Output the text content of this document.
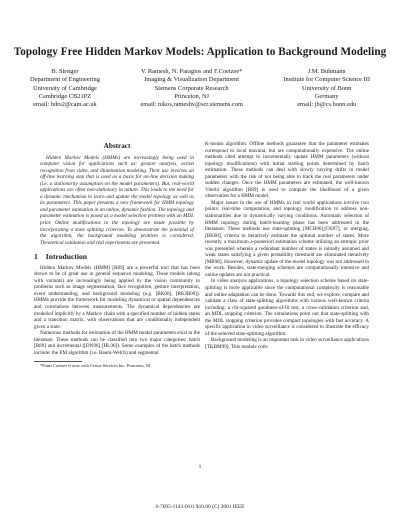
Topology Free Hidden Markov Models: Application to Background Modeling
B. Stenger
Department of Engineering
University of Cambridge
Cambridge CB21PZ
email: bdrs2@cam.ac.uk
V. Ramesh, N. Paragios and F.Coetzee*
Imaging & Visualization Department
Siemens Corporate Research
Princeton, NJ
email: nikos,rameshv@scr.siemens.com
J.M. Buhmann
Institute for Computer Science III
University of Bonn
Germany
email: jb@cs.bonn.edu
Abstract

Hidden Markov Models (HMMs) are increasingly being used in computer vision for applications such as: gesture analysis, action recognition from video, and illumination modeling. Their use involves an off-line learning step that is used as a basis for on-line decision making (i.e. a stationarity assumption on the model parameters). But, real-world applications are often non-stationary in nature. This leads to the need for a dynamic mechanism to learn and update the model topology as well as its parameters. This paper presents a new framework for HMM topology and parameter estimation in an online, dynamic fashion. The topology and parameter estimation is posed as a model selection problem with an MDL prior. Online modifications to the topology are made possible by incorporating a state splitting criterion. To demonstrate the potential of the algorithm, the background modeling problem is considered. Theoretical validation and real experiments are presented.

1 Introduction

Hidden Markov Models (HMM) [R89] are a powerful tool that has been shown to be of great use in general sequence modeling. These models (along with variants) are increasingly being applied by the vision community to problems such as image segmentation, face recognition, gesture interpretation, event understanding, and background modeling (e.g. [BK00], [RKJB00]). HMMs provide the framework for modeling dynamical or spatial dependencies and correlations between measurements. The dynamical dependencies are modelled implicitly by a Markov chain with a specified number of hidden states and a transition matrix, with observations that are conditionally independent given a state.

Numerous methods for estimation of the HMM model parameters exist in the literature. These methods can be classified into two major categories: batch [R89] and incremental ([DN96] [HL96]). Some examples of the batch methods include: the EM algorithm (i.e. Baum-Welch) and segmental

*Frans Coetzee is now with Certus-Services Inc. Princeton, NJ

K-means algorithm. Offline methods guarantee that the parameter estimates correspond to local maxima, but are computationally expensive. The online methods cited attempt to incrementally update HMM parameters (without topology modifications) with initial starting points determined by batch estimation. These methods can deal with slowly varying drifts in model parameters with the risk of not being able to track the real parameters under sudden changes. Once the HMM parameters are estimated, the well-known Viterbi algorithm [R89] is used to compute the likelihood of a given observation for a HMM model.

Major issues in the use of HMMs in real world applications involve two points: real-time computation, and topology modification to address non-stationarities due to dynamically varying conditions. Automatic selection of HMM topology during batch-learning phase has been addressed in the literature. These methods use state-splitting [MCB96],[OS97], or merging, [BK00], criteria to iteratively estimate the optimal number of states. More recently, a maximum a-posteriori estimation scheme utilizing an entropic prior was presented wherein a redundant number of states is initially assumed and weak states satisfying a given probability threshold are eliminated iteratively [MB98]. However, dynamic update of the model topology was not addressed in the work. Besides, state-merging schemes are computationally intensive and online updates are not practical.

In video analysis applications, a topology selection scheme based on state-splitting is more applicable since the computational complexity is reasonable and online adaptation can be done. Towards this end, we explore, compare and validate a class of state-splitting algorithms with various well-known criteria including: a chi-squared goodness-of-fit test, a cross-validation criterion and, an MDL stopping criterion. The simulations point out that state-splitting with the MDL stopping criterion provides compact topologies with fast accuracy. A specific application in video surveillance is considered to illustrate the efficacy of the selected state-splitting algorithm.

Background modeling is an important task in video surveillance applications [TKBM99]. This module com-

1
0-7695-1143-0/01 $10.00 (C) 2001 IEEE
